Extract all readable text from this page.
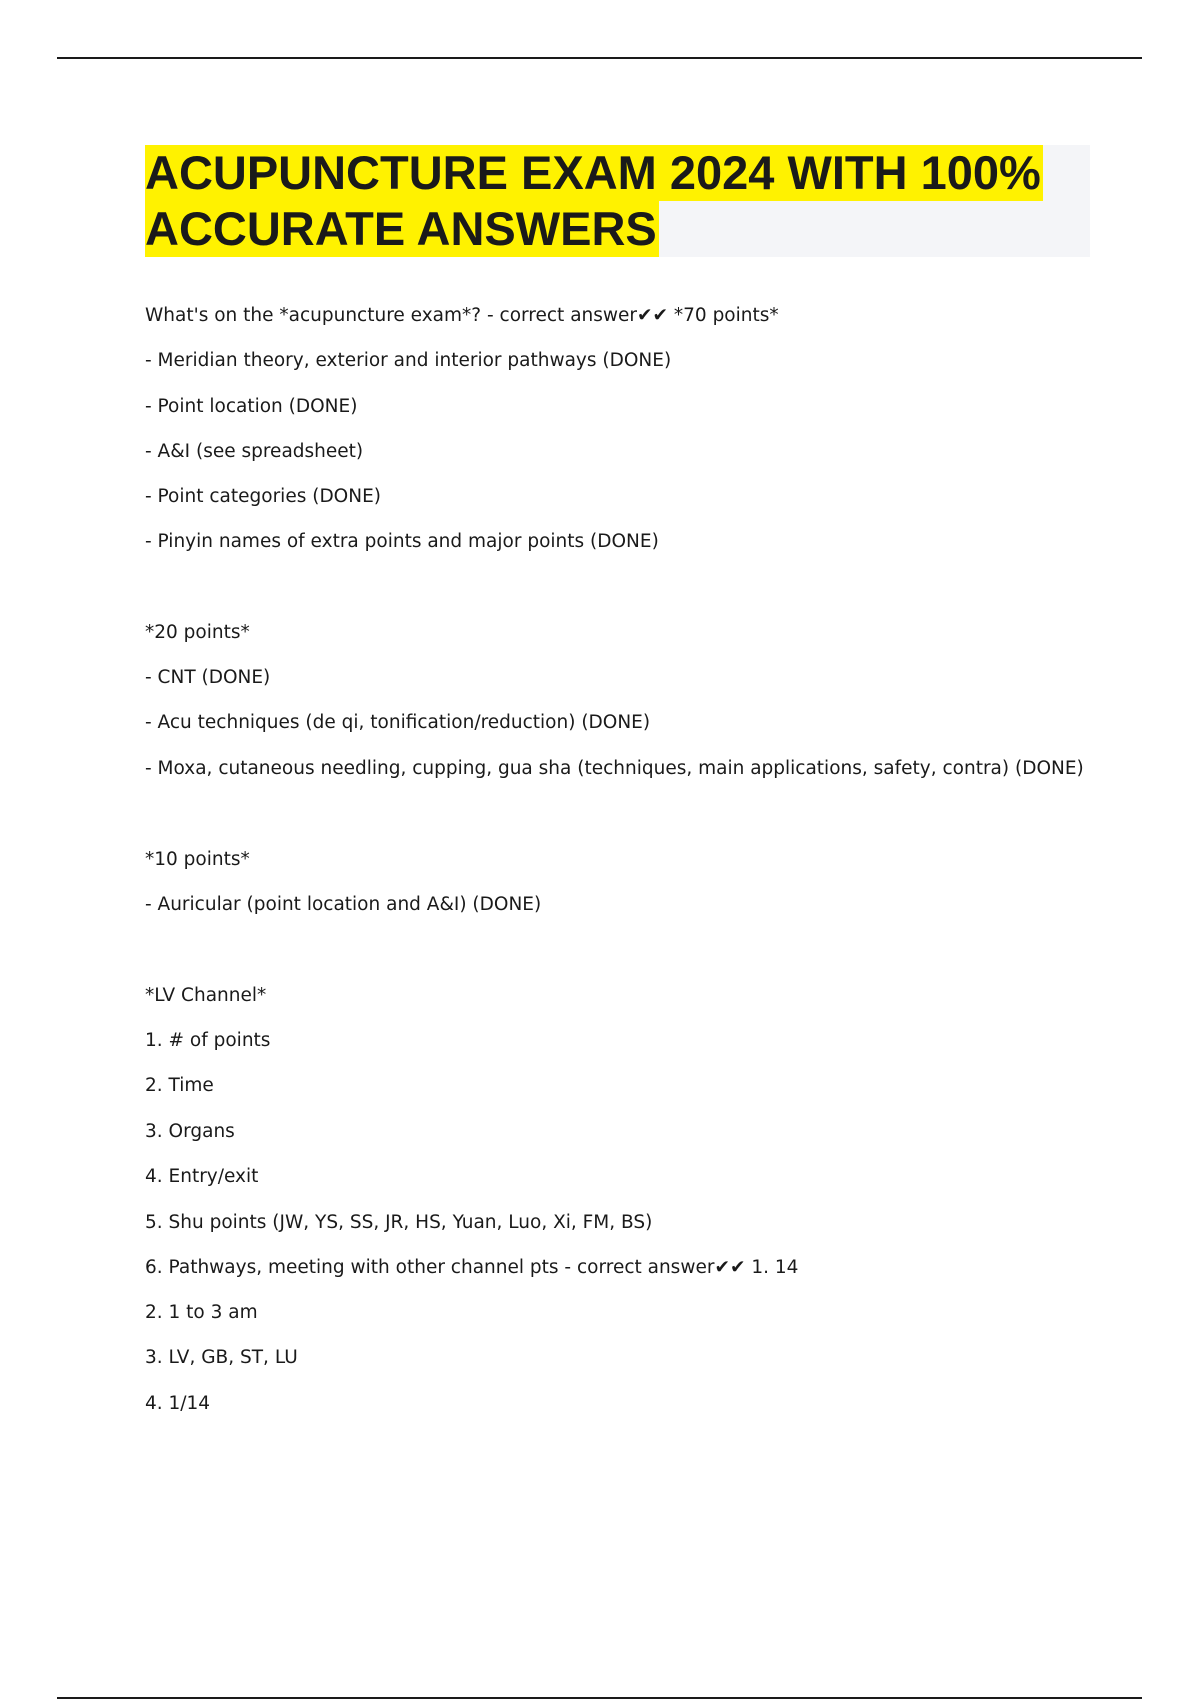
ACUPUNCTURE EXAM 2024 WITH 100%
ACCURATE ANSWERS
What's on the *acupuncture exam*? - correct answer✔✔ *70 points*
- Meridian theory, exterior and interior pathways (DONE)
- Point location (DONE)
- A&I (see spreadsheet)
- Point categories (DONE)
- Pinyin names of extra points and major points (DONE)
*20 points*
- CNT (DONE)
- Acu techniques (de qi, tonification/reduction) (DONE)
- Moxa, cutaneous needling, cupping, gua sha (techniques, main applications, safety, contra) (DONE)
*10 points*
- Auricular (point location and A&I) (DONE)
*LV Channel*
1. # of points
2. Time
3. Organs
4. Entry/exit
5. Shu points (JW, YS, SS, JR, HS, Yuan, Luo, Xi, FM, BS)
6. Pathways, meeting with other channel pts - correct answer✔✔ 1. 14
2. 1 to 3 am
3. LV, GB, ST, LU
4. 1/14
